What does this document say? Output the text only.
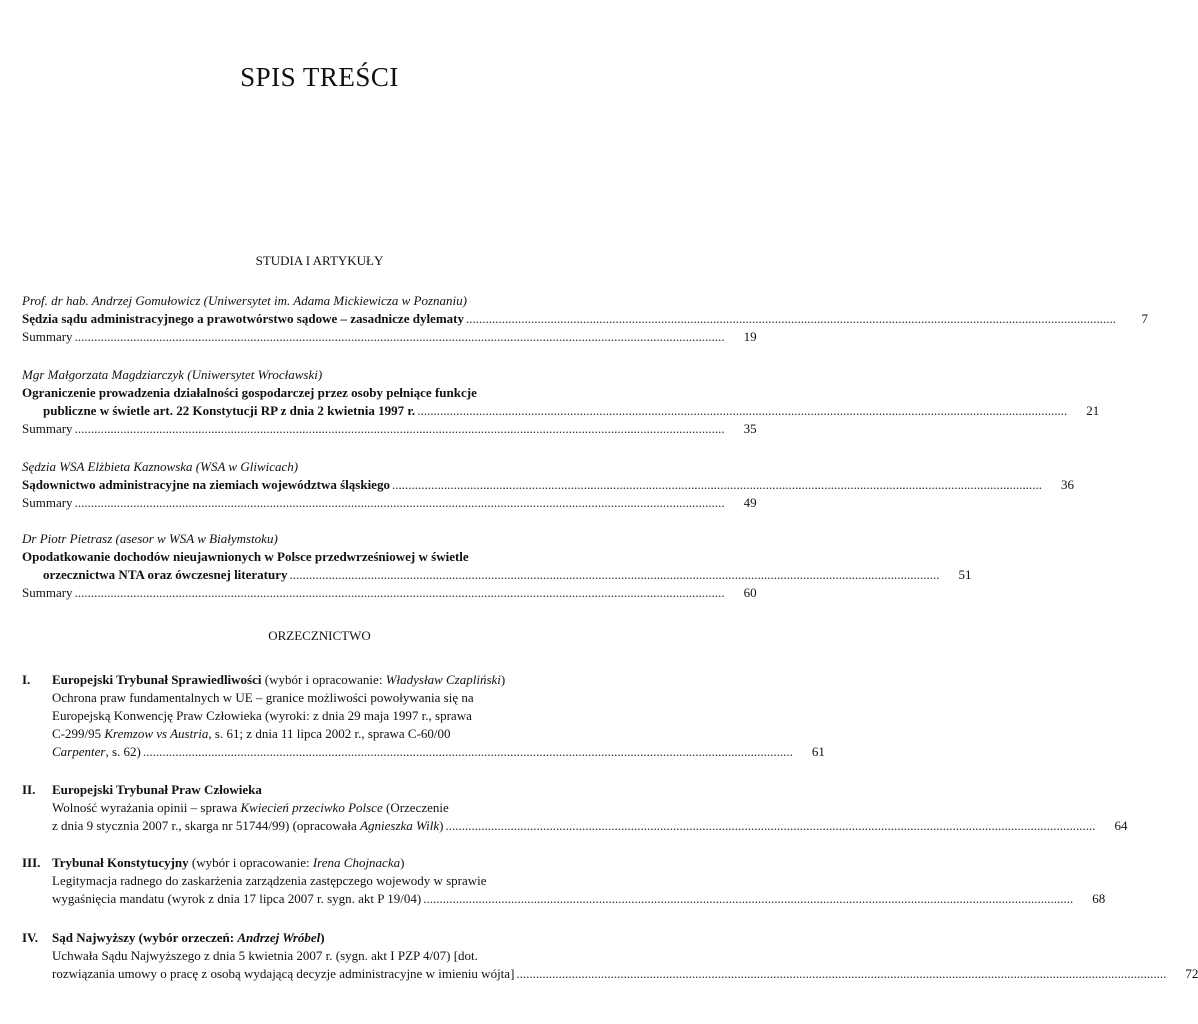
SPIS TREŚCI
STUDIA I ARTYKUŁY
Prof. dr hab. Andrzej Gomułowicz (Uniwersytet im. Adama Mickiewicza w Poznaniu)
Sędzia sądu administracyjnego a prawotwórstwo sądowe – zasadnicze dylematy ........................................................................................................................................................................................................	7
Summary ........................................................................................................................................................................................................	19
Mgr Małgorzata Magdziarczyk (Uniwersytet Wrocławski)
Ograniczenie prowadzenia działalności gospodarczej przez osoby pełniące funkcje
publiczne w świetle art. 22 Konstytucji RP z dnia 2 kwietnia 1997 r. ........................................................................................................................................................................................................	21
Summary ........................................................................................................................................................................................................	35
Sędzia WSA Elżbieta Kaznowska (WSA w Gliwicach)
Sądownictwo administracyjne na ziemiach województwa śląskiego ........................................................................................................................................................................................................	36
Summary ........................................................................................................................................................................................................	49
Dr Piotr Pietrasz (asesor w WSA w Białymstoku)
Opodatkowanie dochodów nieujawnionych w Polsce przedwrześniowej w świetle
orzecznictwa NTA oraz ówczesnej literatury ........................................................................................................................................................................................................	51
Summary ........................................................................................................................................................................................................	60
ORZECZNICTWO
I. Europejski Trybunał Sprawiedliwości (wybór i opracowanie: Władysław Czapliński)
Ochrona praw fundamentalnych w UE – granice możliwości powoływania się na
Europejską Konwencję Praw Człowieka (wyroki: z dnia 29 maja 1997 r., sprawa
C-299/95 Kremzow vs Austria, s. 61; z dnia 11 lipca 2002 r., sprawa C-60/00
Carpenter, s. 62) ........................................................................................................................................................................................................	61
II. Europejski Trybunał Praw Człowieka
Wolność wyrażania opinii – sprawa Kwiecień przeciwko Polsce (Orzeczenie
z dnia 9 stycznia 2007 r., skarga nr 51744/99) (opracowała Agnieszka Wilk) ........................................................................................................................................................................................................	64
III. Trybunał Konstytucyjny (wybór i opracowanie: Irena Chojnacka)
Legitymacja radnego do zaskarżenia zarządzenia zastępczego wojewody w sprawie
wygaśnięcia mandatu (wyrok z dnia 17 lipca 2007 r. sygn. akt P 19/04) ........................................................................................................................................................................................................	68
IV. Sąd Najwyższy (wybór orzeczeń: Andrzej Wróbel)
Uchwała Sądu Najwyższego z dnia 5 kwietnia 2007 r. (sygn. akt I PZP 4/07) [dot.
rozwiązania umowy o pracę z osobą wydającą decyzje administracyjne w imieniu wójta] ........................................................................................................................................................................................................	72
